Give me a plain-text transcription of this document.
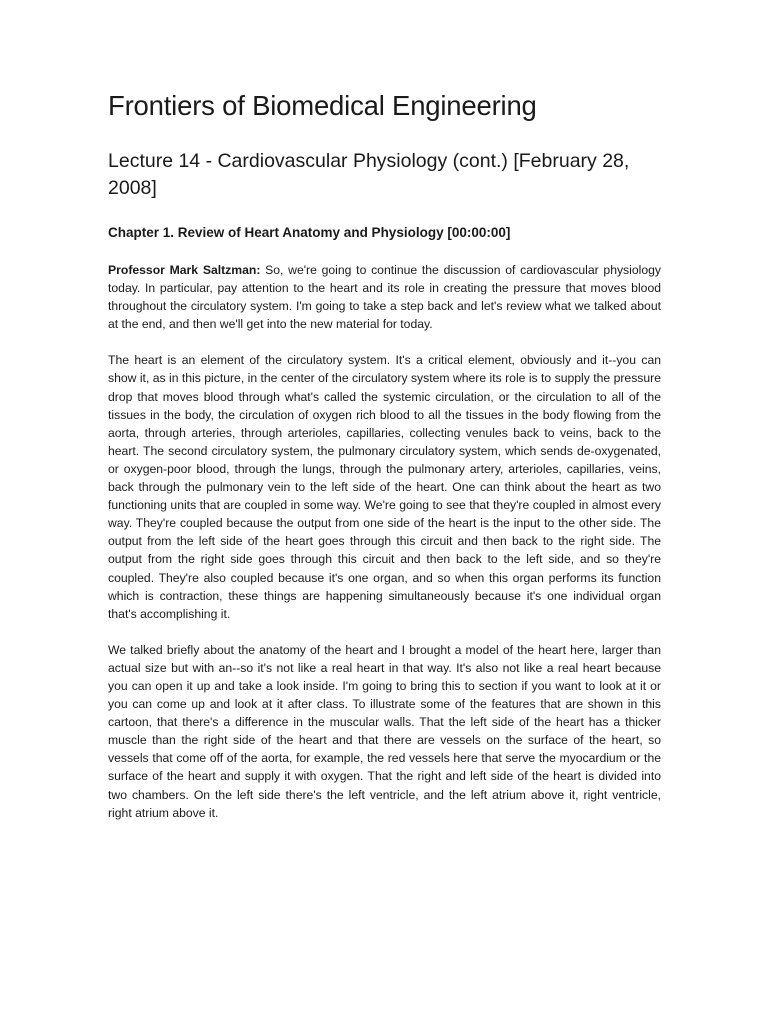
Frontiers of Biomedical Engineering
Lecture 14 - Cardiovascular Physiology (cont.) [February 28, 2008]
Chapter 1. Review of Heart Anatomy and Physiology [00:00:00]

Professor Mark Saltzman: So, we're going to continue the discussion of cardiovascular physiology today. In particular, pay attention to the heart and its role in creating the pressure that moves blood throughout the circulatory system. I'm going to take a step back and let's review what we talked about at the end, and then we'll get into the new material for today.

The heart is an element of the circulatory system. It's a critical element, obviously and it--you can show it, as in this picture, in the center of the circulatory system where its role is to supply the pressure drop that moves blood through what's called the systemic circulation, or the circulation to all of the tissues in the body, the circulation of oxygen rich blood to all the tissues in the body flowing from the aorta, through arteries, through arterioles, capillaries, collecting venules back to veins, back to the heart. The second circulatory system, the pulmonary circulatory system, which sends de-oxygenated, or oxygen-poor blood, through the lungs, through the pulmonary artery, arterioles, capillaries, veins, back through the pulmonary vein to the left side of the heart. One can think about the heart as two functioning units that are coupled in some way. We're going to see that they're coupled in almost every way. They're coupled because the output from one side of the heart is the input to the other side. The output from the left side of the heart goes through this circuit and then back to the right side. The output from the right side goes through this circuit and then back to the left side, and so they're coupled. They're also coupled because it's one organ, and so when this organ performs its function which is contraction, these things are happening simultaneously because it's one individual organ that's accomplishing it.

We talked briefly about the anatomy of the heart and I brought a model of the heart here, larger than actual size but with an--so it's not like a real heart in that way. It's also not like a real heart because you can open it up and take a look inside. I'm going to bring this to section if you want to look at it or you can come up and look at it after class. To illustrate some of the features that are shown in this cartoon, that there's a difference in the muscular walls. That the left side of the heart has a thicker muscle than the right side of the heart and that there are vessels on the surface of the heart, so vessels that come off of the aorta, for example, the red vessels here that serve the myocardium or the surface of the heart and supply it with oxygen. That the right and left side of the heart is divided into two chambers. On the left side there's the left ventricle, and the left atrium above it, right ventricle, right atrium above it.
